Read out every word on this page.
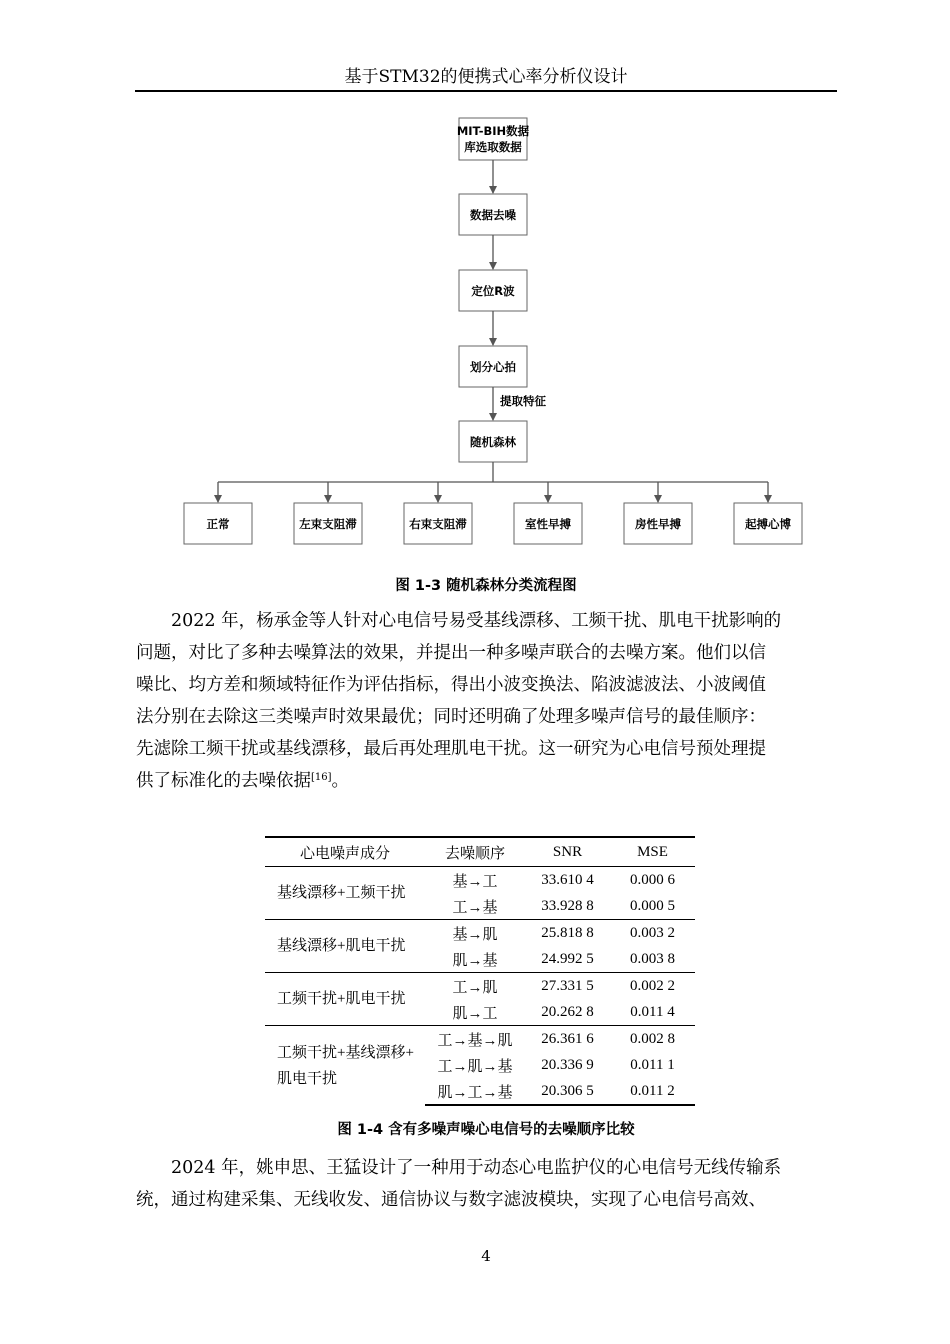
基于STM32的便携式心率分析仪设计
MIT-BIH数据
库选取数据
数据去噪
定位R波
划分心拍
随机森林
正常	左束支阻滞	右束支阻滞	室性早搏	房性早搏	起搏心博
提取特征
图 1-3 随机森林分类流程图
2022 年，杨承金等人针对心电信号易受基线漂移、工频干扰、肌电干扰影响的
问题，对比了多种去噪算法的效果，并提出一种多噪声联合的去噪方案。他们以信
噪比、均方差和频域特征作为评估指标，得出小波变换法、陷波滤波法、小波阈值
法分别在去除这三类噪声时效果最优；同时还明确了处理多噪声信号的最佳顺序：
先滤除工频干扰或基线漂移，最后再处理肌电干扰。这一研究为心电信号预处理提
供了标准化的去噪依据[16]。
心电噪声成分	去噪顺序	SNR	MSE
基线漂移+工频干扰	基→工	33.610 4	0.000 6
	工→基	33.928 8	0.000 5
基线漂移+肌电干扰	基→肌	25.818 8	0.003 2
	肌→基	24.992 5	0.003 8
工频干扰+肌电干扰	工→肌	27.331 5	0.002 2
	肌→工	20.262 8	0.011 4
工频干扰+基线漂移+
肌电干扰	工→基→肌	26.361 6	0.002 8
	工→肌→基	20.336 9	0.011 1
	肌→工→基	20.306 5	0.011 2
图 1-4 含有多噪声噪心电信号的去噪顺序比较
2024 年，姚申思、王猛设计了一种用于动态心电监护仪的心电信号无线传输系
统，通过构建采集、无线收发、通信协议与数字滤波模块，实现了心电信号高效、
4
